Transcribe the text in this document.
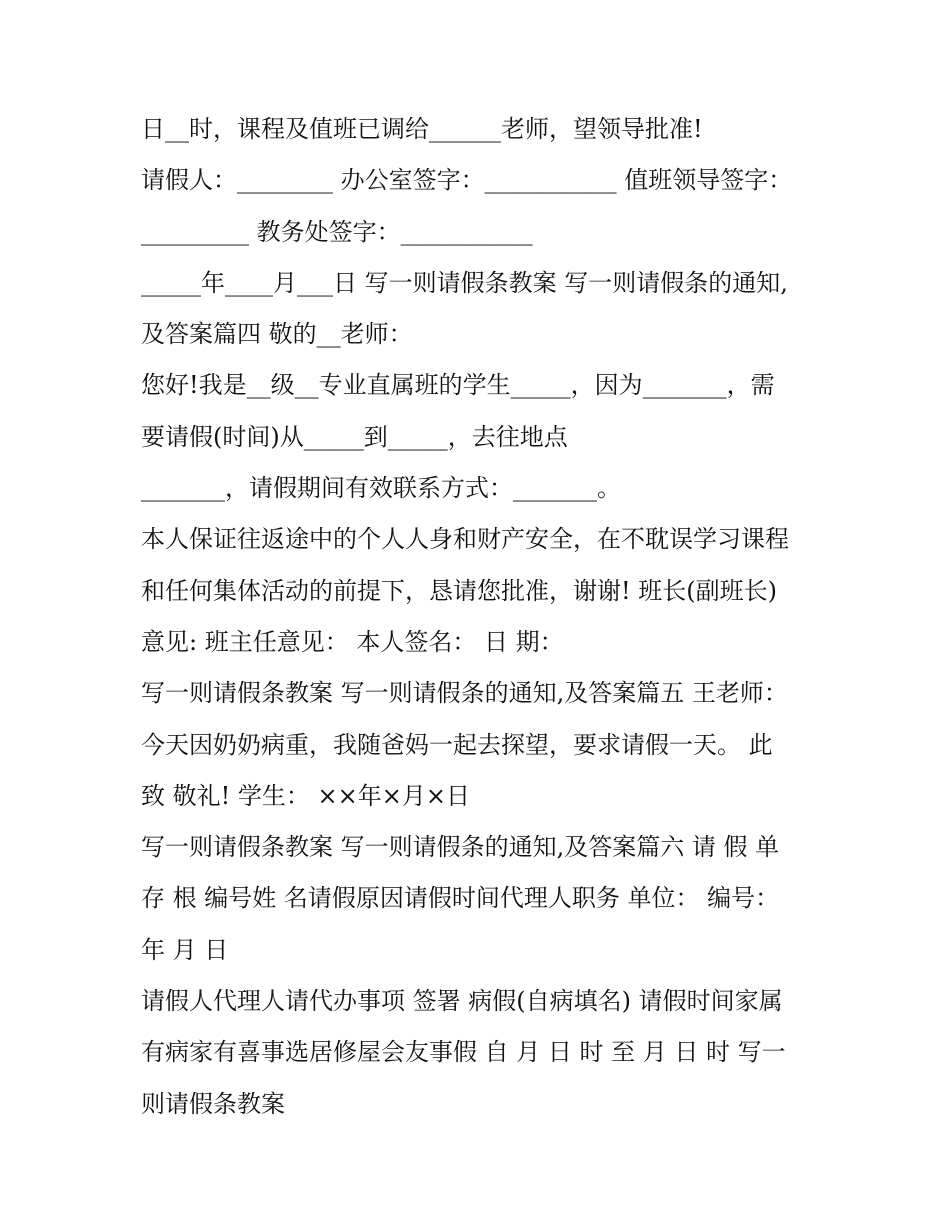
日__时，课程及值班已调给______老师，望领导批准!
请假人：________ 办公室签字：___________ 值班领导签字：
_________ 教务处签字：___________
_____年____月___日 写一则请假条教案 写一则请假条的通知,
及答案篇四 敬的__老师：
您好!我是__级__专业直属班的学生_____，因为_______，需
要请假(时间)从_____到_____，去往地点
_______，请假期间有效联系方式：_______。
本人保证往返途中的个人人身和财产安全，在不耽误学习课程
和任何集体活动的前提下，恳请您批准，谢谢! 班长(副班长)
意见: 班主任意见： 本人签名： 日 期：
写一则请假条教案 写一则请假条的通知,及答案篇五 王老师：
今天因奶奶病重，我随爸妈一起去探望，要求请假一天。 此
致 敬礼! 学生： ××年×月×日
写一则请假条教案 写一则请假条的通知,及答案篇六 请 假 单
存 根 编号姓 名请假原因请假时间代理人职务 单位： 编号：
年 月 日
请假人代理人请代办事项 签署 病假(自病填名) 请假时间家属
有病家有喜事选居修屋会友事假 自 月 日 时 至 月 日 时 写一
则请假条教案
